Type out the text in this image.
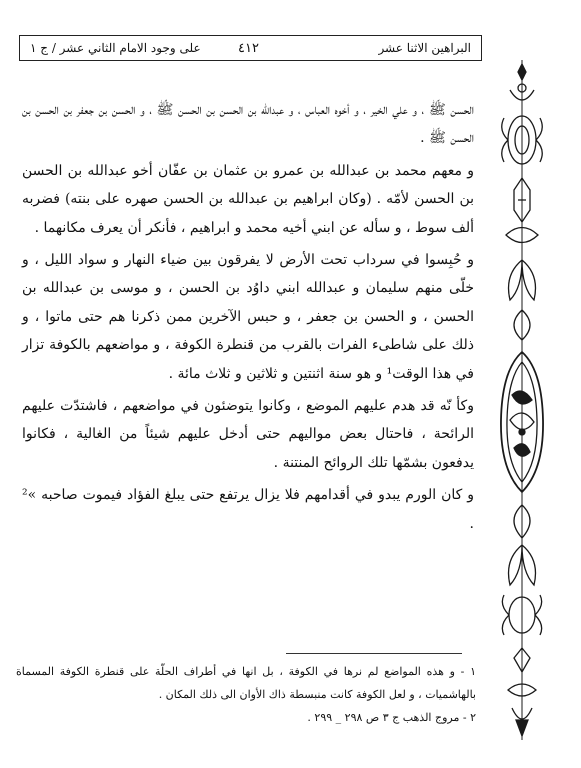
البراهين الاثنا عشر
٤١٢
على وجود الامام الثاني عشر / ج ١

الحسن ﷺ ، و علي الخير ، و أخوه العباس ، و عبدالله بن الحسن بن الحسن ﷺ ، و الحسن بن جعفر بن الحسن بن الحسن ﷺ .

و معهم محمد بن عبدالله بن عمرو بن عثمان بن عفّان أخو عبدالله بن الحسن بن الحسن لأمّه . (وكان ابراهيم بن عبدالله بن الحسن صهره على بنته) فضربه ألف سوط ، و سأله عن ابني أخيه محمد و ابراهيم ، فأنكر أن يعرف مكانهما .

و حُبِسوا في سرداب تحت الأرض لا يفرقون بين ضياء النهار و سواد الليل ، و خلّى منهم سليمان و عبدالله ابني داوُد بن الحسن ، و موسى بن عبدالله بن الحسن ، و الحسن بن جعفر ، و حبس الآخرين ممن ذكرنا هم حتى ماتوا ، و ذلك على شاطىء الفرات بالقرب من قنطرة الكوفة ، و مواضعهم بالكوفة تزار في هذا الوقت¹ و هو سنة اثنتين و ثلاثين و ثلاث مائة .

وكأ نّه قد هدم عليهم الموضع ، وكانوا يتوضئون في مواضعهم ، فاشتدّت عليهم الرائحة ، فاحتال بعض مواليهم حتى أدخل عليهم شيئاً من الغالية ، فكانوا يدفعون بشمّها تلك الروائح المنتنة .

و كان الورم يبدو في أقدامهم فلا يزال يرتفع حتى يبلغ الفؤاد فيموت صاحبه »² .

١ - و هذه المواضع لم نرها في الكوفة ، بل انها في أطراف الحلّة على قنطرة الكوفة المسماة بالهاشميات ، و لعل الكوفة كانت منبسطة ذاك الأوان الى ذلك المكان .

٢ - مروج الذهب ج ٣ ص ٢٩٨ _ ٢٩٩ .
